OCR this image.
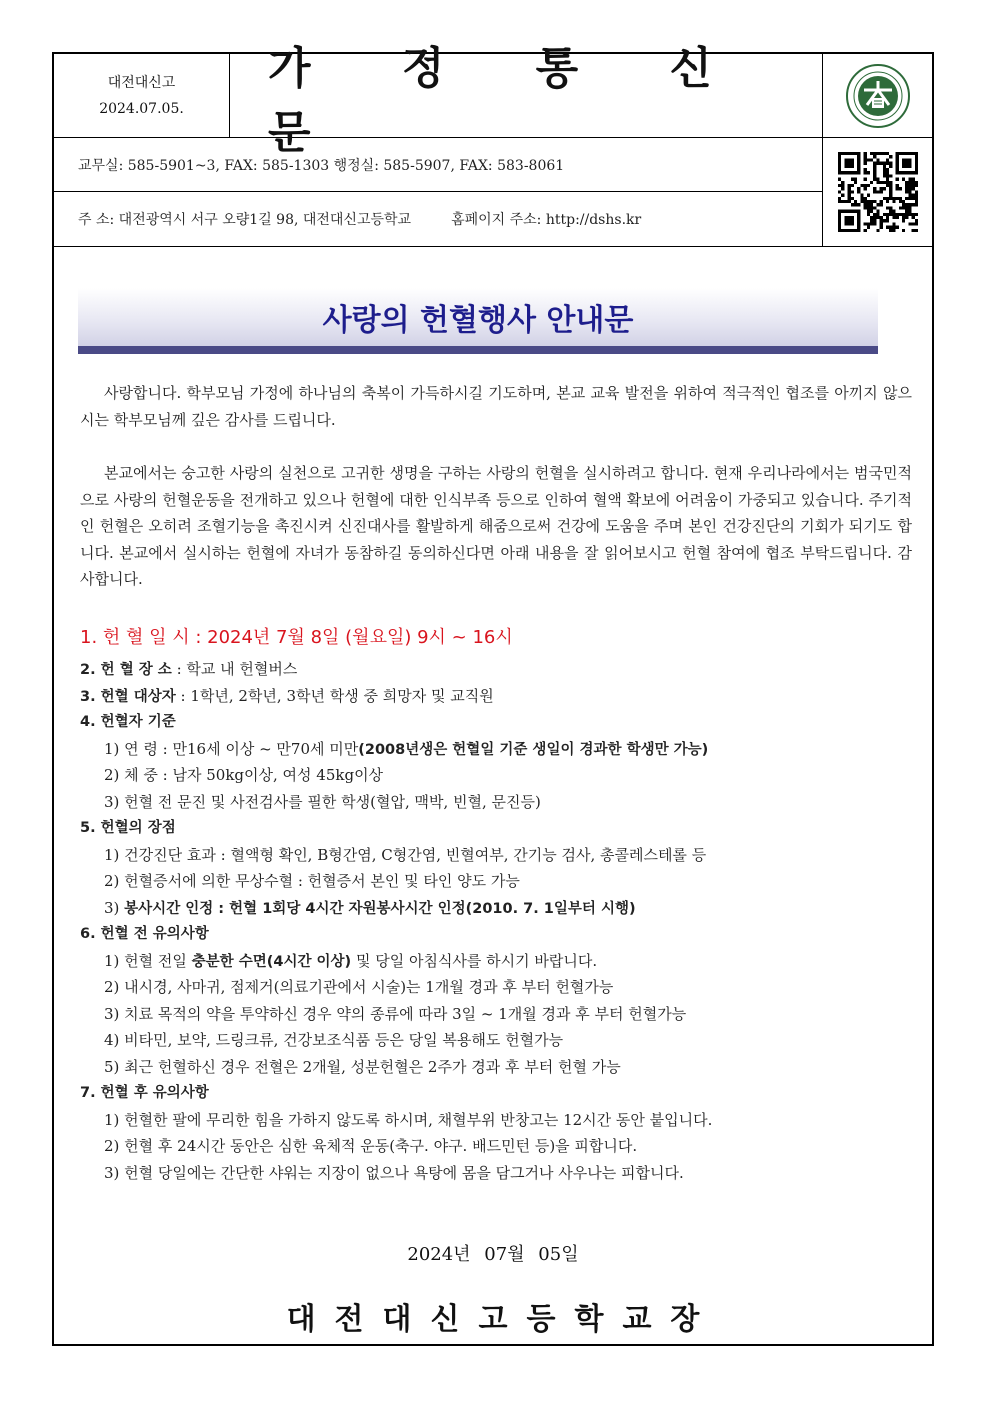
대전대신고
2024.07.05.
가 정 통 신 문
교무실: 585-5901~3, FAX: 585-1303 행정실: 585-5907, FAX: 583-8061
주 소: 대전광역시 서구 오량1길 98, 대전대신고등학교	홈페이지 주소: http://dshs.kr
사랑의 헌혈행사 안내문
사랑합니다. 학부모님 가정에 하나님의 축복이 가득하시길 기도하며, 본교 교육 발전을 위하여 적극적인 협조를 아끼지 않으시는 학부모님께 깊은 감사를 드립니다.
본교에서는 숭고한 사랑의 실천으로 고귀한 생명을 구하는 사랑의 헌혈을 실시하려고 합니다. 현재 우리나라에서는 범국민적으로 사랑의 헌혈운동을 전개하고 있으나 헌혈에 대한 인식부족 등으로 인하여 혈액 확보에 어려움이 가중되고 있습니다. 주기적인 헌혈은 오히려 조혈기능을 촉진시켜 신진대사를 활발하게 해줌으로써 건강에 도움을 주며 본인 건강진단의 기회가 되기도 합니다. 본교에서 실시하는 헌혈에 자녀가 동참하길 동의하신다면 아래 내용을 잘 읽어보시고 헌혈 참여에 협조 부탁드립니다. 감사합니다.
1. 헌 혈 일 시 : 2024년 7월 8일 (월요일) 9시 ~ 16시
2. 헌 혈 장 소 : 학교 내 헌혈버스
3. 헌혈 대상자 : 1학년, 2학년, 3학년 학생 중 희망자 및 교직원
4. 헌혈자 기준
1) 연 령 : 만16세 이상 ~ 만70세 미만(2008년생은 헌혈일 기준 생일이 경과한 학생만 가능)
2) 체 중 : 남자 50kg이상, 여성 45kg이상
3) 헌혈 전 문진 및 사전검사를 필한 학생(혈압, 맥박, 빈혈, 문진등)
5. 헌혈의 장점
1) 건강진단 효과 : 혈액형 확인, B형간염, C형간염, 빈혈여부, 간기능 검사, 총콜레스테롤 등
2) 헌혈증서에 의한 무상수혈 : 헌혈증서 본인 및 타인 양도 가능
3) 봉사시간 인정 : 헌혈 1회당 4시간 자원봉사시간 인정(2010. 7. 1일부터 시행)
6. 헌혈 전 유의사항
1) 헌혈 전일 충분한 수면(4시간 이상) 및 당일 아침식사를 하시기 바랍니다.
2) 내시경, 사마귀, 점제거(의료기관에서 시술)는 1개월 경과 후 부터 헌혈가능
3) 치료 목적의 약을 투약하신 경우 약의 종류에 따라 3일 ~ 1개월 경과 후 부터 헌혈가능
4) 비타민, 보약, 드링크류, 건강보조식품 등은 당일 복용해도 헌혈가능
5) 최근 헌혈하신 경우 전혈은 2개월, 성분헌혈은 2주가 경과 후 부터 헌혈 가능
7. 헌혈 후 유의사항
1) 헌혈한 팔에 무리한 힘을 가하지 않도록 하시며, 채혈부위 반창고는 12시간 동안 붙입니다.
2) 헌혈 후 24시간 동안은 심한 육체적 운동(축구. 야구. 배드민턴 등)을 피합니다.
3) 헌혈 당일에는 간단한 샤워는 지장이 없으나 욕탕에 몸을 담그거나 사우나는 피합니다.
2024년 07월 05일
대전대신고등학교장
